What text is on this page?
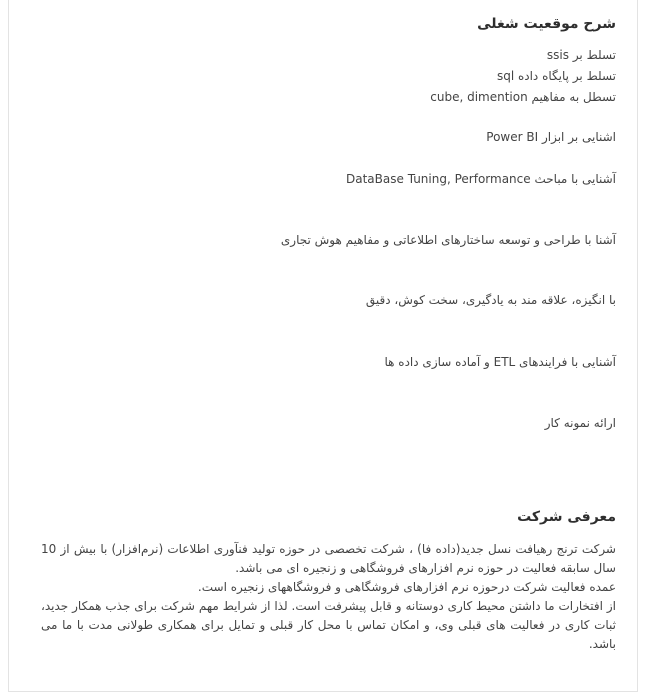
شرح موقعیت شغلی
تسلط بر ssis
تسلط بر پایگاه داده sql
تسطل به مفاهیم cube, dimention
اشنایی بر ابزار Power BI
آشنایی با مباحث DataBase Tuning, Performance
آشنا با طراحی و توسعه ساختارهای اطلاعاتی و مفاهیم هوش تجاری
با انگیزه، علاقه مند به یادگیری، سخت کوش، دقیق
آشنایی با فرایندهای ETL و آماده سازی داده ها
ارائه نمونه کار
معرفی شرکت
شرکت ترنج رهیافت نسل جدید(داده فا) ، شرکت تخصصی در حوزه تولید فنآوری اطلاعات (نرم‌افزار) با بیش از 10 سال سابقه فعالیت در حوزه نرم افزارهای فروشگاهی و زنجیره ای می باشد.
عمده فعالیت شرکت درحوزه نرم افزارهای فروشگاهی و فروشگاههای زنجیره است.
از افتخارات ما داشتن محیط کاری دوستانه و قابل پیشرفت است. لذا از شرایط مهم شرکت برای جذب همکار جدید، ثبات کاری در فعالیت های قبلی وی، و امکان تماس با محل کار قبلی و تمایل برای همکاری طولانی مدت با ما می باشد.
